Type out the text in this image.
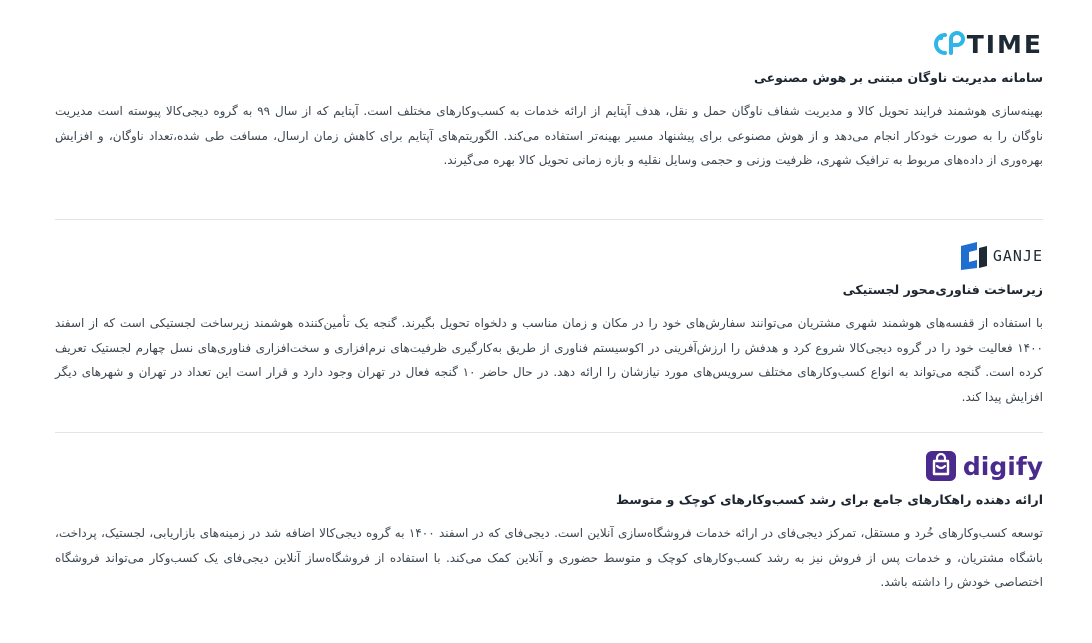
TIME
سامانه مدیریت ناوگان مبتنی بر هوش مصنوعی

بهینه‌سازی هوشمند فرایند تحویل کالا و مدیریت شفاف ناوگان حمل و نقل، هدف آپتایم از ارائه خدمات به کسب‌وکارهای مختلف است. آپتایم که از سال ۹۹ به گروه دیجی‌کالا پیوسته است مدیریت ناوگان را به صورت خودکار انجام می‌دهد و از هوش مصنوعی برای پیشنهاد مسیر بهینه‌تر استفاده می‌کند. الگوریتم‌های آپتایم برای کاهش زمان ارسال، مسافت طی شده،تعداد ناوگان، و افزایش بهره‌وری از داده‌های مربوط به ترافیک شهری، ظرفیت وزنی و حجمی وسایل نقلیه و بازه زمانی تحویل کالا بهره می‌گیرند.

GANJE
زیرساخت فناوری‌محور لجستیکی

با استفاده از قفسه‌های هوشمند شهری مشتریان می‌توانند سفارش‌های خود را در مکان و زمان مناسب و دلخواه تحویل بگیرند. گنجه یک تأمین‌کننده هوشمند زیرساخت لجستیکی است که از اسفند ۱۴۰۰ فعالیت خود را در گروه دیجی‌کالا شروع کرد و هدفش را ارزش‌آفرینی در اکوسیستم فناوری از طریق به‌کارگیری ظرفیت‌های نرم‌افزاری و سخت‌افزاری فناوری‌های نسل چهارم لجستیک تعریف کرده است. گنجه می‌تواند به انواع کسب‌وکارهای مختلف سرویس‌های مورد نیازشان را ارائه دهد. در حال حاضر ۱۰ گنجه فعال در تهران وجود دارد و قرار است این تعداد در تهران و شهرهای دیگر افزایش پیدا کند.

digify
ارائه دهنده راهکارهای جامع برای رشد کسب‌وکارهای کوچک و متوسط

توسعه کسب‌وکارهای خُرد و مستقل، تمرکز دیجی‌فای در ارائه خدمات فروشگاه‌سازی آنلاین است. دیجی‌فای که در اسفند ۱۴۰۰ به گروه دیجی‌کالا اضافه شد در زمینه‌های بازاریابی، لجستیک، پرداخت، باشگاه مشتریان، و خدمات پس از فروش نیز به رشد کسب‌وکارهای کوچک و متوسط حضوری و آنلاین کمک می‌کند. با استفاده از فروشگاه‌ساز آنلاین دیجی‌فای یک کسب‌وکار می‌تواند فروشگاه اختصاصی خودش را داشته باشد.
